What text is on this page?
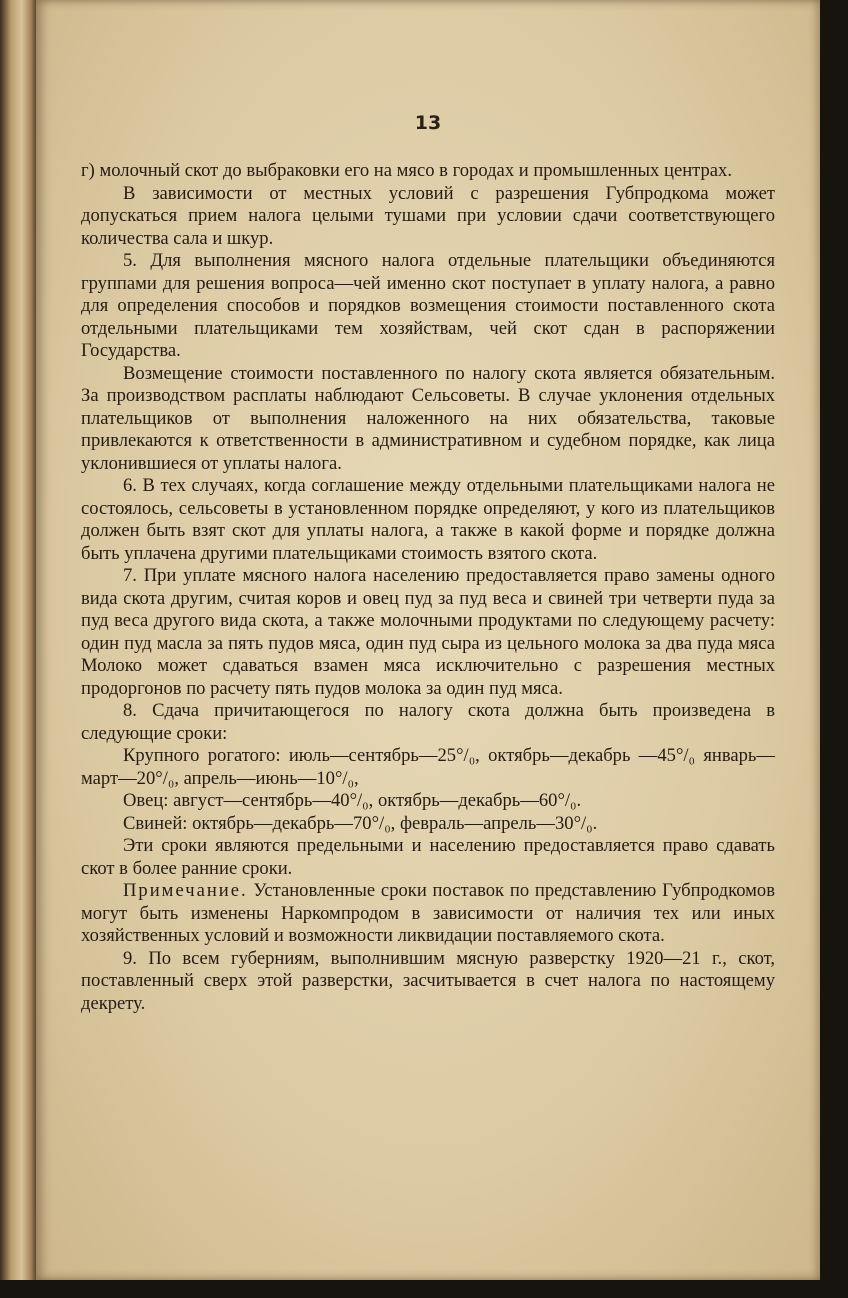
13

г) молочный скот до выбраковки его на мясо в городах и промышленных центрах.

В зависимости от местных условий с разрешения Губпродкома может допускаться прием налога целыми тушами при условии сдачи соответствующего количества сала и шкур.

5. Для выполнения мясного налога отдельные плательщики объединяются группами для решения вопроса—чей именно скот поступает в уплату налога, а равно для определения способов и порядков возмещения стоимости поставленного скота отдельными плательщиками тем хозяйствам, чей скот сдан в распоряжении Государства.

Возмещение стоимости поставленного по налогу скота является обязательным. За производством расплаты наблюдают Сельсоветы. В случае уклонения отдельных плательщиков от выполнения наложенного на них обязательства, таковые привлекаются к ответственности в административном и судебном порядке, как лица уклонившиеся от уплаты налога.

6. В тех случаях, когда соглашение между отдельными плательщиками налога не состоялось, сельсоветы в установленном порядке определяют, у кого из плательщиков должен быть взят скот для уплаты налога, а также в какой форме и порядке должна быть уплачена другими плательщиками стоимость взятого скота.

7. При уплате мясного налога населению предоставляется право замены одного вида скота другим, считая коров и овец пуд за пуд веса и свиней три четверти пуда за пуд веса другого вида скота, а также молочными продуктами по следующему расчету: один пуд масла за пять пудов мяса, один пуд сыра из цельного молока за два пуда мяса Молоко может сдаваться взамен мяса исключительно с разрешения местных продоргонов по расчету пять пудов молока за один пуд мяса.

8. Сдача причитающегося по налогу скота должна быть произведена в следующие сроки:

Крупного рогатого: июль—сентябрь—25°/₀, октябрь—декабрь —45°/₀ январь—март—20°/₀, апрель—июнь—10°/₀,

Овец: август—сентябрь—40°/₀, октябрь—декабрь—60°/₀.

Свиней: октябрь—декабрь—70°/₀, февраль—апрель—30°/₀.

Эти сроки являются предельными и населению предоставляется право сдавать скот в более ранние сроки.

Примечание. Установленные сроки поставок по представлению Губпродкомов могут быть изменены Наркомпродом в зависимости от наличия тех или иных хозяйственных условий и возможности ликвидации поставляемого скота.

9. По всем губерниям, выполнившим мясную разверстку 1920—21 г., скот, поставленный сверх этой разверстки, засчитывается в счет налога по настоящему декрету.
